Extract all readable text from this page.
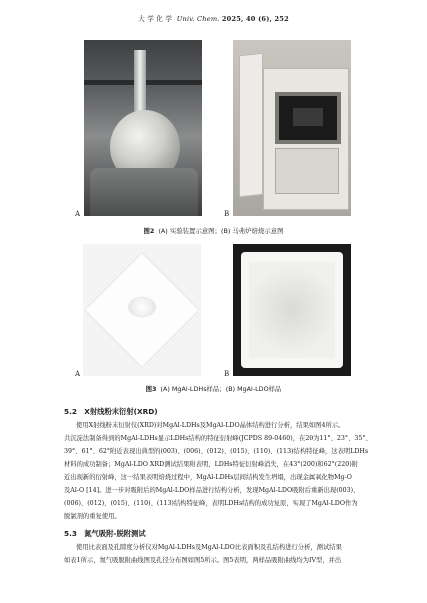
大 学 化 学 Univ. Chem. 2025, 40 (6), 252
A	B
图2 (A) 实验装置示意图；(B) 马弗炉焙烧示意图
A	B
图3 (A) MgAl-LDHs样品；(B) MgAl-LDO样品
5.2　X射线粉末衍射(XRD)

使用X射线粉末衍射仪(XRD)对MgAl-LDHs及MgAl-LDO晶体结构进行分析，结果如图4所示。

共沉淀法制备得到的MgAl-LDHs显示LDHs结构的特征衍射峰(JCPDS 89-0460)，在2θ为11°、23°、35°、

39°、61°、62°附近表现出典型的(003)、(006)、(012)、(015)、(110)、(113)结构特征峰，这表明LDHs

材料的成功制备；MgAl-LDO XRD测试结果附表明，LDHs特征衍射峰消失，在43°(200)和62°(220)附

近出现新的衍射峰，这一结果表明焙烧过程中，MgAl-LDHs层间结构发生坍塌，出现金属氧化物Mg-O

及Al-O [14]。进一步对吸附后的MgAl-LDO样品进行结构分析，发现MgAl-LDO吸附后重新出现(003)、

(006)、(012)、(015)、(110)、(113)结构特征峰，表明LDHs结构的成功复原，实现了MgAl-LDO作为

脱氯剂的重复使用。

5.3　氮气吸附-脱附测试

使用比表面及孔隙度分析仪对MgAl-LDHs及MgAl-LDO比表面积及孔结构进行分析，测试结果

如表1所示，氮气吸脱附曲线图及孔径分布图如图5所示。图5表明，两样品吸附曲线均为IV型，并出
